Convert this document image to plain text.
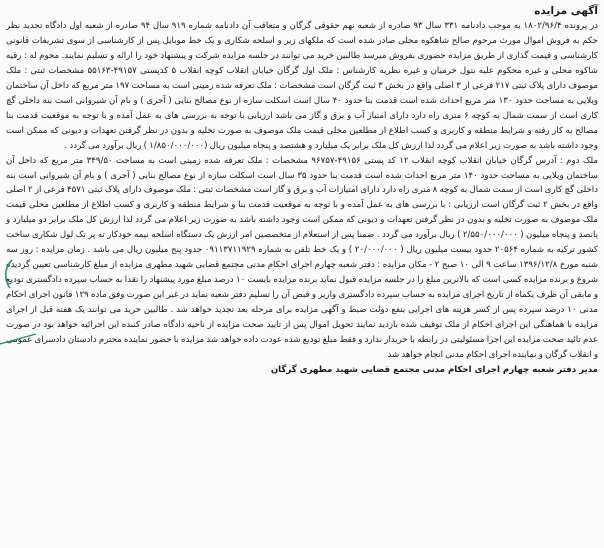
آگهی مزایده

در پرونده ۱۸۰۲/۹۶/۴ به موجب دادنامه ۳۳۱ سال ۹۳ صادره از شعبه نهم حقوقی گرگان و متعاقب آن دادنامه شماره ۹۱۹ سال ۹۴ صادره از شعبه اول دادگاه تجدید نظر حکم به فروش اموال مورث مرحوم صالح شاهکوه محلی صادر شده است که ملکهای زیر و اسلحه شکاری و یک خط موبایل پس از کارشناسی از سوی تشریفات قانونی کارشناسی و قیمت گذاری از طریق مزایده حضوری بفروش میرسد طالبین خرید می توانند در جلسه مزایده شرکت و پیشنهاد خود را ارائه و تسلیم نمایند. محوم له : رقیه شاکوه محلی و غیره محکوم علیه بتول خرمیان و غیره نظریه کارشناس : ملک اول گرگان خیابان انقلاب کوچه انقلاب ۵ کدپستی ۴۹۱۵۷-۵۵۱۶۳ مشخصات ثبتی : ملک موصوف دارای پلاک ثبتی ۲۱۷ فرعی از ۳ اصلی واقع در بخش ۳ ثبت گرگان است مشخصات : ملک تعرفه شده زمینی است به مساحت ۱۹۷ متر مربع که داخل آن ساختمان ویلایی به مساحت حدود ۱۳۰ متر مربع احداث شده است قدمت بنا حدود ۴۰ سال است اسکلت سازه از نوع مصالح بنایی ( آجری ) و بام آن شیروانی است بنه داخلی گچ کاری است از سمت شمال به کوچه ۶ متری راه دارد دارای امتیاز آب و برق و گاز می باشد ارزیابی با توجه به بررسی های به عمل آمده و با توجه به موقعیت قدمت بنا مصالح به کار رفته و شرایط منطقه و کاربری و کسب اطلاع از مطلعین محلی قیمت ملک موصوف به صورت تخلیه و بدون در نظر گرفتن تعهدات و دیونی که ممکن است وجود داشته باشد به صورت زیر اعلام می گردد لذا ارزش کل ملک برابر یک میلیارد و هشتصد و پنجاه میلیون ریال (۱/۸۵۰/۰۰۰/۰۰۰ ) ریال برآورد می گردد .

ملک دوم : آدرس گرگان خیابان انقلاب کوچه انقلاب ۱۲ کد پستی ۴۹۱۵۶-۹۶۷۵۷ مشخصات : ملک تعرفه شده زمینی است به مساحت ۳۴۹/۵۰ متر مربع که داخل آن ساختمان ویلایی به مساحت حدود ۱۴۰ متر مربع احداث شده است قدمت بنا حدود ۳۵ سال است اسکلت سازه از نوع مصالح بنایی ( آجری ) و بام آن شیروانی است بنه داخلی گچ کاری است از سمت شمال به کوچه ۸ متری راه دارد دارای امتیازات آب و برق و گاز است مشخصات ثبتی : ملک موصوف دارای پلاک ثبتی ۴۵۷۱ فرعی از ۲ اصلی واقع در بخش ۲ ثبت گرگان است ارزیابی : با بررسی های به عمل آمده و با توجه به موقعیت قدمت بنا و شرایط منطقه و کاربری و کسب اطلاع از مطلعین محلی قیمت ملک موصوف به صورت تخلیه و بدون در نظر گرفتن تعهدات و دیونی که ممکن است وجود داشته باشد به صورت زیر اعلام می گردد لذا ارزش کل ملک برابر دو میلیارد و پانصد و پنجاه میلیون ( ۲/۵۵۰/۰۰۰/۰۰۰ ) ریال برآورد می گردد . ضمنا پس از استعلام از متخصصین امر ارزش یک دستگاه اسلحه نیمه خودکار ته پر تک لول شکاری ساخت کشور ترکیه به شماره ۲۰۵۶۴ حدود بیست میلیون ریال ( ۲۰/۰۰۰/۰۰۰ ) و یک خط تلفن به شماره ۰۹۱۱۳۷۱۱۹۲۹ حدود پنج میلیون ریال می باشد . زمان مزایده : روز سه شنبه مورخ ۱۳۹۶/۱۲/۸ ساعت ۹ الی ۱۰ صبح ۲ - مکان مزایده : دفتر شعبه چهارم اجرای احکام مدنی مجتمع قضایی شهید مطهری مزایده از مبلغ کارشناسی تعیین گردیده شروع و برنده مزایده کسی است که بالاترین مبلغ را در جلسه مزایده قبول نماید برنده مزایده بایست ۱۰ درصد مبلغ مورد پیشنهاد را نقدا به حساب سپرده دادگستری تودیع و مابقی آن ظرف یکماه از تاریخ اجرای مزایده به حساب سپرده دادگستری واریز و قبض آن را تسلیم دفتر شعبه نماید در غیر این صورت وفق ماده ۱۲۹ قانون اجرای احکام مدنی ۱۰ درصد سپرده پس از کسر هزینه های اجرایی بنفع دولت ضبط و آگهی مزایده برای مرحله بعد تجدید خواهد شد . طالبین خرید می توانند یک هفته قبل از اجرای مزایده با هماهنگی این اجرای احکام از ملک توقیف شده بازدید نمایند تحویل اموال پس از تایید صحت مزایده از ناحیه دادگاه صادر کننده این اجرائیه خواهد بود در صورت عدم تائید صحت مزایده این اجرا مسئولیتی در رابطه با خریدار ندارد و فقط مبلغ تودیع شده عودت داده خواهد شد مزایده با حضور نماینده محترم دادستان دادسرای عمومی و انقلاب گرگان و نماینده اجرای احکام مدنی انجام خواهد شد

مدیر دفتر شعبه چهارم اجرای احکام مدنی مجتمع قضایی شهید مطهری گرگان
